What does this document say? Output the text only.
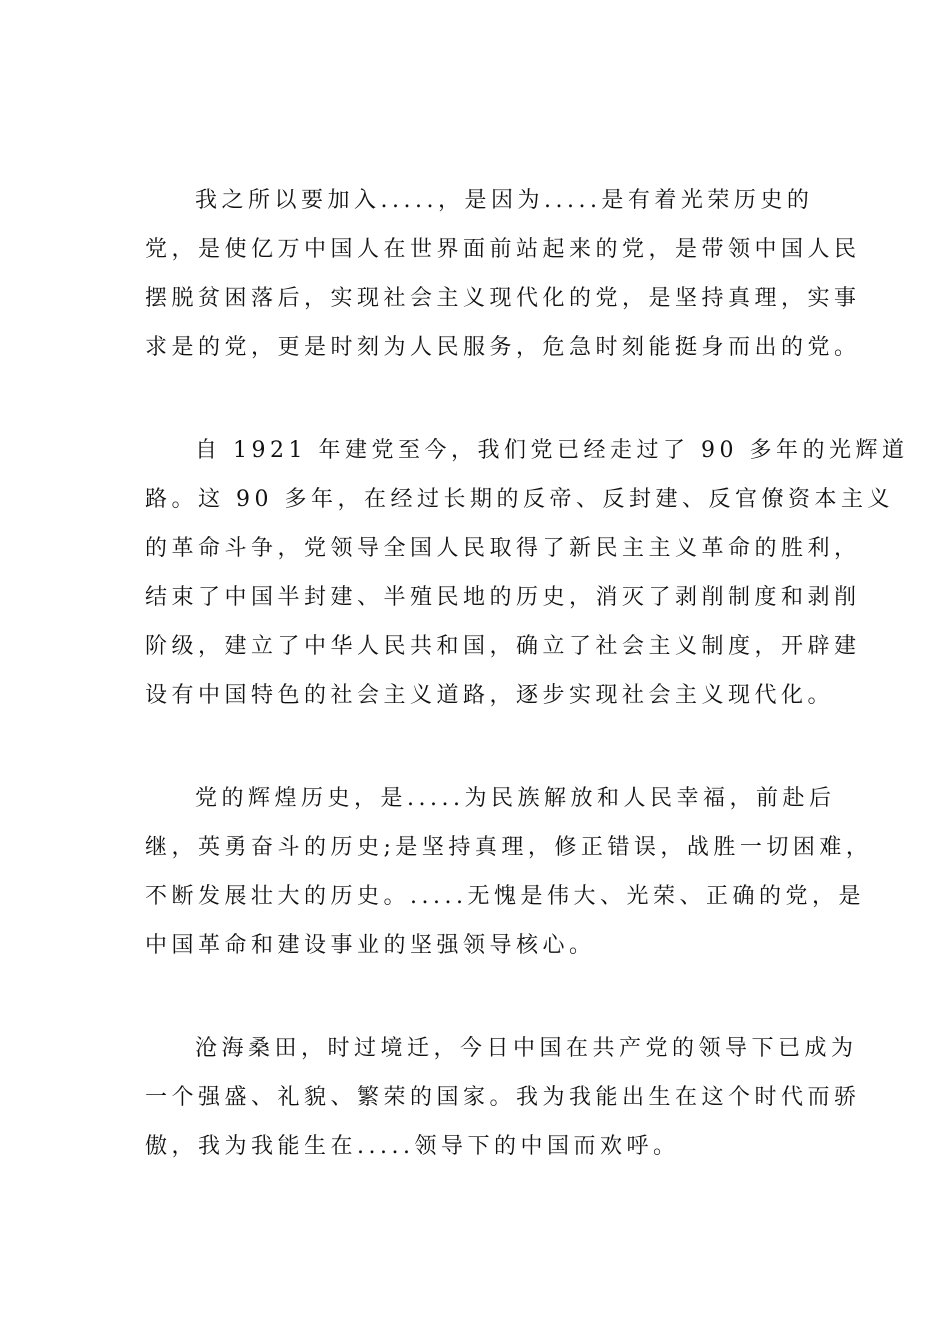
我之所以要加入.....，是因为.....是有着光荣历史的
党，是使亿万中国人在世界面前站起来的党，是带领中国人民
摆脱贫困落后，实现社会主义现代化的党，是坚持真理，实事
求是的党，更是时刻为人民服务，危急时刻能挺身而出的党。
自 1921 年建党至今，我们党已经走过了 90 多年的光辉道
路。这 90 多年，在经过长期的反帝、反封建、反官僚资本主义
的革命斗争，党领导全国人民取得了新民主主义革命的胜利，
结束了中国半封建、半殖民地的历史，消灭了剥削制度和剥削
阶级，建立了中华人民共和国，确立了社会主义制度，开辟建
设有中国特色的社会主义道路，逐步实现社会主义现代化。
党的辉煌历史，是.....为民族解放和人民幸福，前赴后
继，英勇奋斗的历史;是坚持真理，修正错误，战胜一切困难，
不断发展壮大的历史。.....无愧是伟大、光荣、正确的党，是
中国革命和建设事业的坚强领导核心。
沧海桑田，时过境迁，今日中国在共产党的领导下已成为
一个强盛、礼貌、繁荣的国家。我为我能出生在这个时代而骄
傲，我为我能生在.....领导下的中国而欢呼。
